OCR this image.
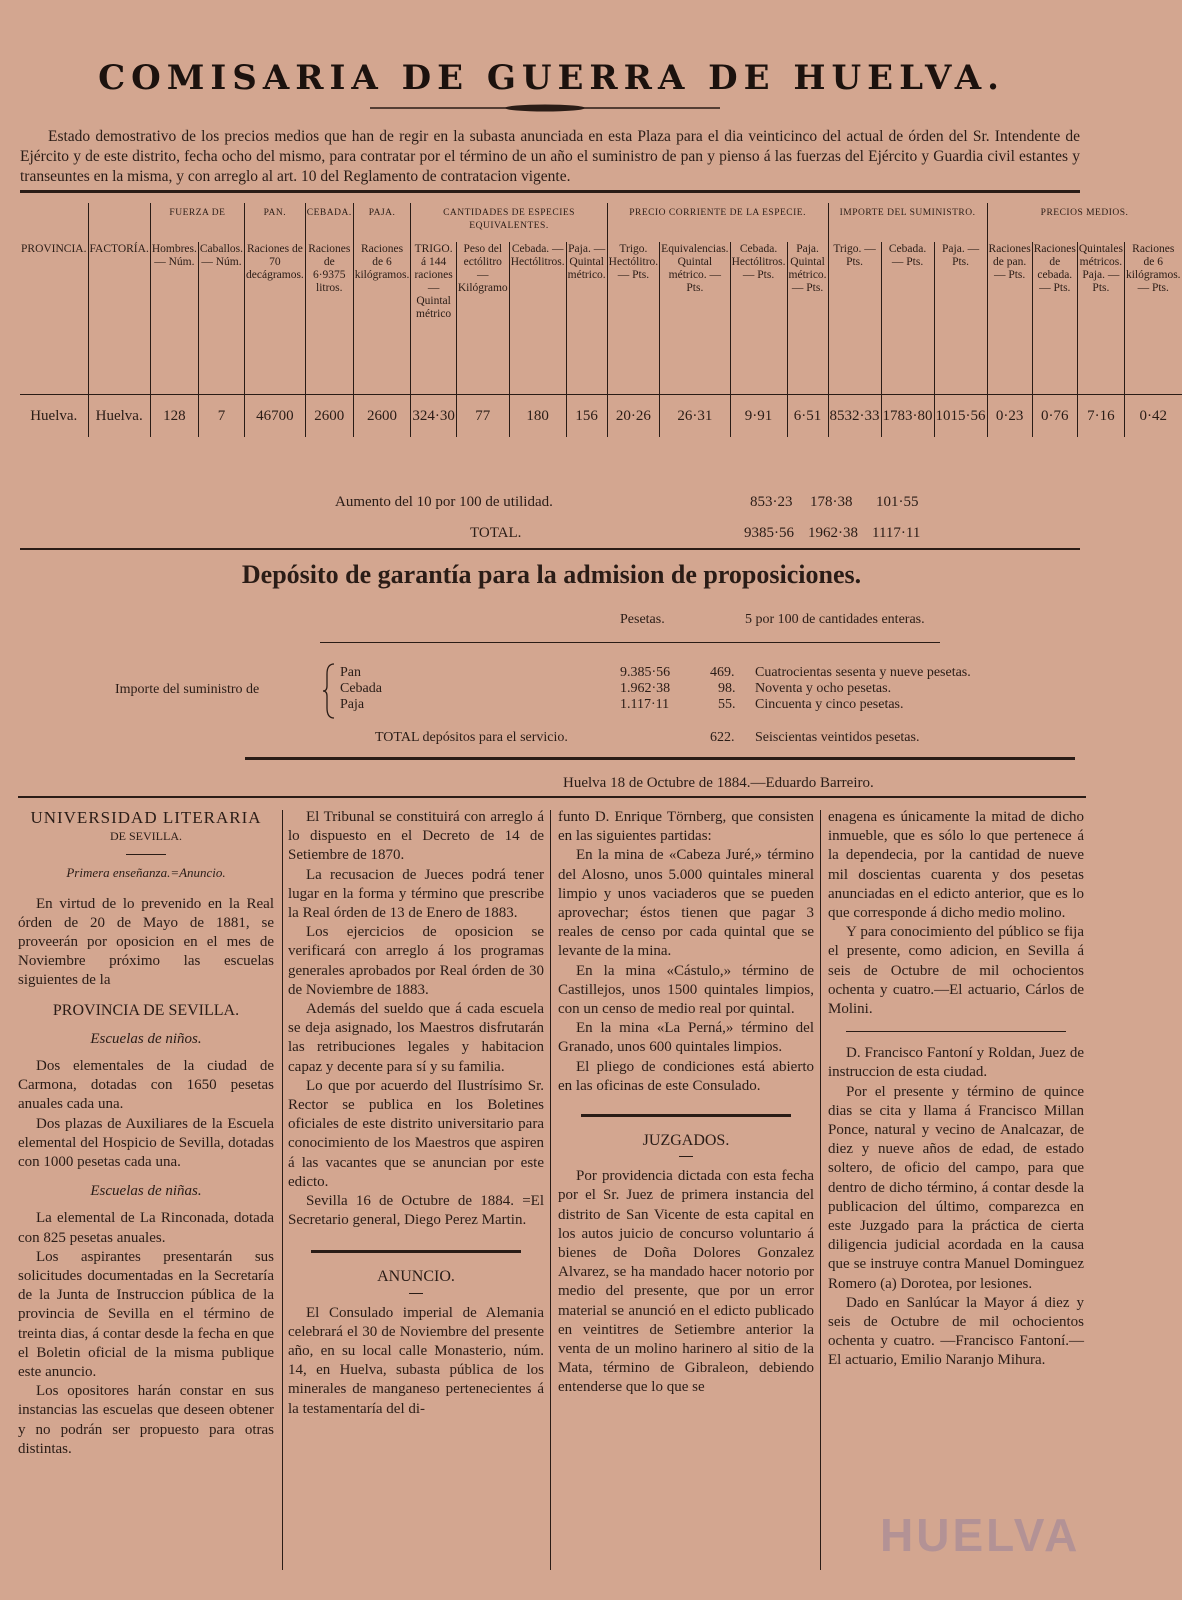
COMISARIA DE GUERRA DE HUELVA.
Estado demostrativo de los precios medios que han de regir en la subasta anunciada en esta Plaza para el dia veinticinco del actual de órden del Sr. Intendente de Ejército y de este distrito, fecha ocho del mismo, para contratar por el término de un año el suministro de pan y pienso á las fuerzas del Ejército y Guardia civil estantes y transeuntes en la misma, y con arreglo al art. 10 del Reglamento de contratacion vigente.
		FUERZA DE		PAN.	CEBADA.	PAJA.	CANTIDADES DE ESPECIES EQUIVALENTES.				PRECIO CORRIENTE DE LA ESPECIE.				IMPORTE DEL SUMINISTRO.			PRECIOS MEDIOS.			
PROVINCIA.	FACTORÍA.	Hombres. — Núm.	Caballos. — Núm.	Raciones de 70 decágramos.	Raciones de 6·9375 litros.	Raciones de 6 kilógramos.	TRIGO. á 144 raciones — Quintal métrico	Peso del ectólitro — Kilógramo	Cebada. — Hectólitros.	Paja. — Quintal métrico.	Trigo. Hectólitro. — Pts.	Equivalencias. Quintal métrico. — Pts.	Cebada. Hectólitros. — Pts.	Paja. Quintal métrico. — Pts.	Trigo. — Pts.	Cebada. — Pts.	Paja. — Pts.	Raciones de pan. — Pts.	Raciones de cebada. — Pts.	Quintales métricos. Paja. — Pts.	Raciones de 6 kilógramos. — Pts.
Huelva.	Huelva.	128	7	46700	2600	2600	324·30	77	180	156	20·26	26·31	9·91	6·51	8532·33	1783·80	1015·56	0·23	0·76	7·16	0·42
Aumento del 10 por 100 de utilidad.	853·23 178·38 101·55
TOTAL.	9385·56 1962·38 1117·11
Depósito de garantía para la admision de proposiciones.
Pesetas.	5 por 100 de cantidades enteras.
Importe del suministro de
Pan	9.385·56	469. Cuatrocientas sesenta y nueve pesetas.
Cebada	1.962·38	98. Noventa y ocho pesetas.
Paja	1.117·11	55. Cincuenta y cinco pesetas.
TOTAL depósitos para el servicio.	622. Seiscientas veintidos pesetas.
Huelva 18 de Octubre de 1884.—Eduardo Barreiro.

UNIVERSIDAD LITERARIA

DE SEVILLA.

Primera enseñanza.=Anuncio.

En virtud de lo prevenido en la Real órden de 20 de Mayo de 1881, se proveerán por oposicion en el mes de Noviembre próximo las escuelas siguientes de la

PROVINCIA DE SEVILLA.

Escuelas de niños.

Dos elementales de la ciudad de Carmona, dotadas con 1650 pesetas anuales cada una.

Dos plazas de Auxiliares de la Escuela elemental del Hospicio de Sevilla, dotadas con 1000 pesetas cada una.

Escuelas de niñas.

La elemental de La Rinconada, dotada con 825 pesetas anuales.

Los aspirantes presentarán sus solicitudes documentadas en la Secretaría de la Junta de Instruccion pública de la provincia de Sevilla en el término de treinta dias, á contar desde la fecha en que el Boletin oficial de la misma publique este anuncio.

Los opositores harán constar en sus instancias las escuelas que deseen obtener y no podrán ser propuesto para otras distintas.

El Tribunal se constituirá con arreglo á lo dispuesto en el Decreto de 14 de Setiembre de 1870.

La recusacion de Jueces podrá tener lugar en la forma y término que prescribe la Real órden de 13 de Enero de 1883.

Los ejercicios de oposicion se verificará con arreglo á los programas generales aprobados por Real órden de 30 de Noviembre de 1883.

Además del sueldo que á cada escuela se deja asignado, los Maestros disfrutarán las retribuciones legales y habitacion capaz y decente para sí y su familia.

Lo que por acuerdo del Ilustrísimo Sr. Rector se publica en los Boletines oficiales de este distrito universitario para conocimiento de los Maestros que aspiren á las vacantes que se anuncian por este edicto.

Sevilla 16 de Octubre de 1884. =El Secretario general, Diego Perez Martin.

ANUNCIO.

El Consulado imperial de Alemania celebrará el 30 de Noviembre del presente año, en su local calle Monasterio, núm. 14, en Huelva, subasta pública de los minerales de manganeso pertenecientes á la testamentaría del di-

funto D. Enrique Törnberg, que consisten en las siguientes partidas:

En la mina de «Cabeza Juré,» término del Alosno, unos 5.000 quintales mineral limpio y unos vaciaderos que se pueden aprovechar; éstos tienen que pagar 3 reales de censo por cada quintal que se levante de la mina.

En la mina «Cástulo,» término de Castillejos, unos 1500 quintales limpios, con un censo de medio real por quintal.

En la mina «La Perná,» término del Granado, unos 600 quintales limpios.

El pliego de condiciones está abierto en las oficinas de este Consulado.

JUZGADOS.

Por providencia dictada con esta fecha por el Sr. Juez de primera instancia del distrito de San Vicente de esta capital en los autos juicio de concurso voluntario á bienes de Doña Dolores Gonzalez Alvarez, se ha mandado hacer notorio por medio del presente, que por un error material se anunció en el edicto publicado en veintitres de Setiembre anterior la venta de un molino harinero al sitio de la Mata, término de Gibraleon, debiendo entenderse que lo que se

enagena es únicamente la mitad de dicho inmueble, que es sólo lo que pertenece á la dependecia, por la cantidad de nueve mil doscientas cuarenta y dos pesetas anunciadas en el edicto anterior, que es lo que corresponde á dicho medio molino.

Y para conocimiento del público se fija el presente, como adicion, en Sevilla á seis de Octubre de mil ochocientos ochenta y cuatro.—El actuario, Cárlos de Molini.

D. Francisco Fantoní y Roldan, Juez de instruccion de esta ciudad.

Por el presente y término de quince dias se cita y llama á Francisco Millan Ponce, natural y vecino de Analcazar, de diez y nueve años de edad, de estado soltero, de oficio del campo, para que dentro de dicho término, á contar desde la publicacion del último, comparezca en este Juzgado para la práctica de cierta diligencia judicial acordada en la causa que se instruye contra Manuel Dominguez Romero (a) Dorotea, por lesiones.

Dado en Sanlúcar la Mayor á diez y seis de Octubre de mil ochocientos ochenta y cuatro. —Francisco Fantoní.—El actuario, Emilio Naranjo Mihura.

HUELVA
